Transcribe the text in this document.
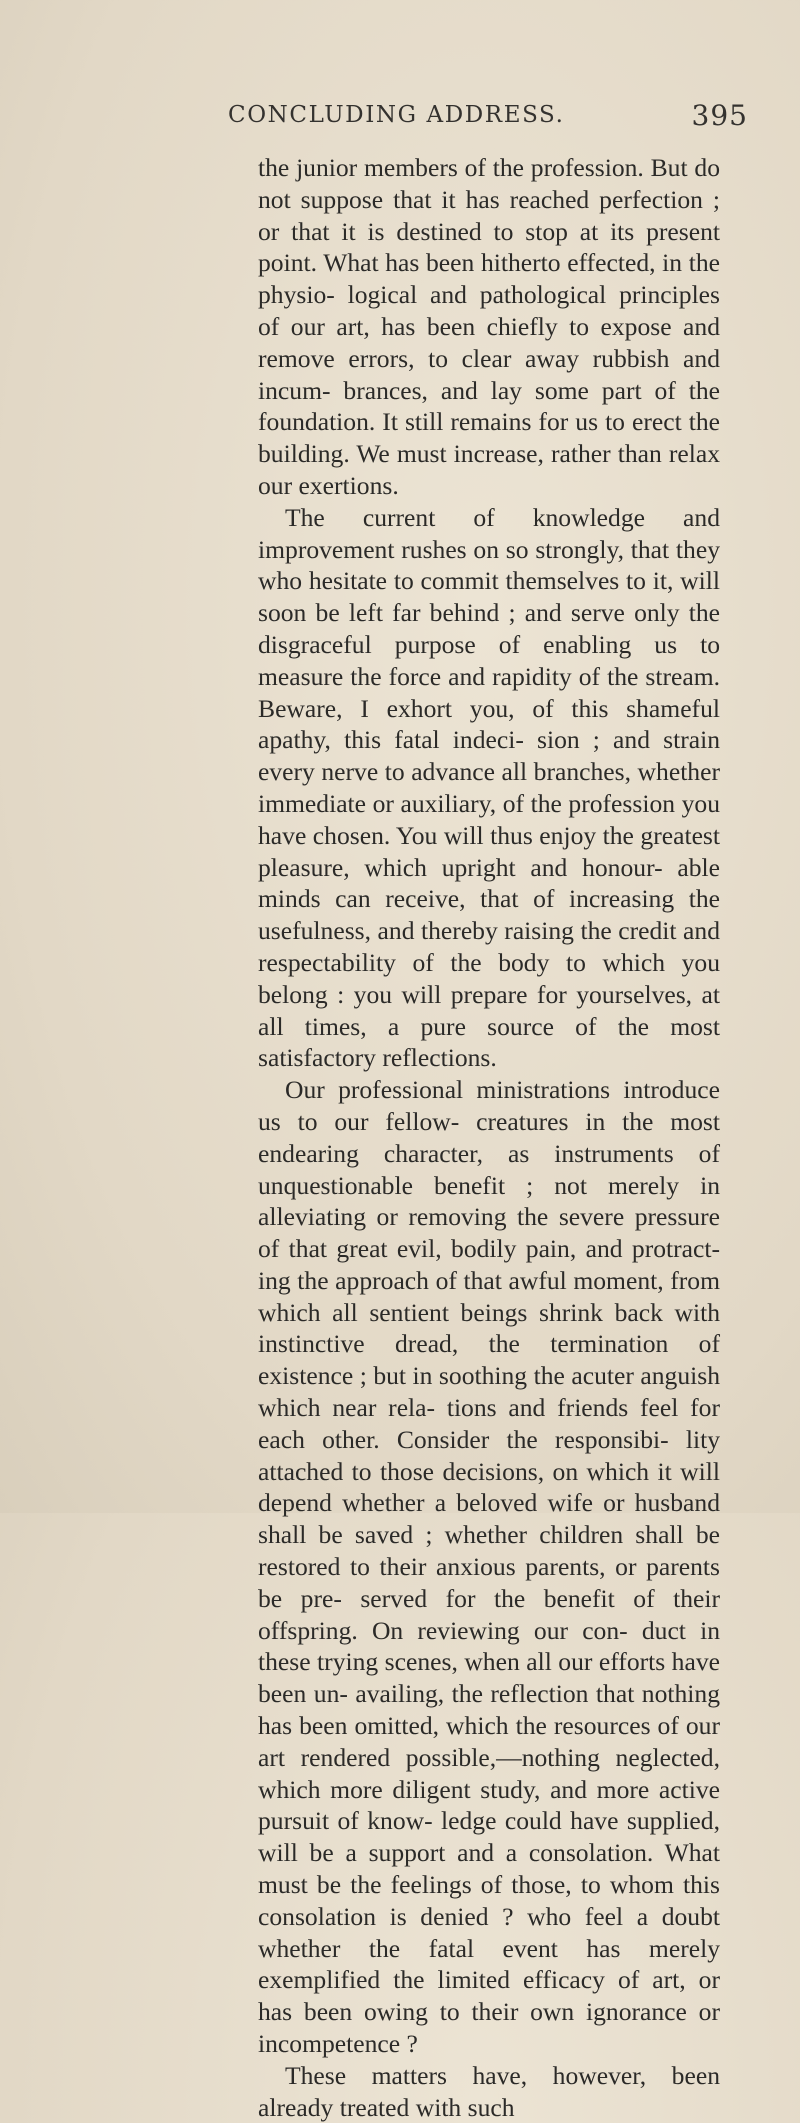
CONCLUDING ADDRESS.	395

the junior members of the profession. But do not suppose that it has reached perfection ; or that it is destined to stop at its present point. What has been hitherto effected, in the physio- logical and pathological principles of our art, has been chiefly to expose and remove errors, to clear away rubbish and incum- brances, and lay some part of the foundation. It still remains for us to erect the building. We must increase, rather than relax our exertions.

The current of knowledge and improvement rushes on so strongly, that they who hesitate to commit themselves to it, will soon be left far behind ; and serve only the disgraceful purpose of enabling us to measure the force and rapidity of the stream. Beware, I exhort you, of this shameful apathy, this fatal indeci- sion ; and strain every nerve to advance all branches, whether immediate or auxiliary, of the profession you have chosen. You will thus enjoy the greatest pleasure, which upright and honour- able minds can receive, that of increasing the usefulness, and thereby raising the credit and respectability of the body to which you belong : you will prepare for yourselves, at all times, a pure source of the most satisfactory reflections.

Our professional ministrations introduce us to our fellow- creatures in the most endearing character, as instruments of unquestionable benefit ; not merely in alleviating or removing the severe pressure of that great evil, bodily pain, and protract- ing the approach of that awful moment, from which all sentient beings shrink back with instinctive dread, the termination of existence ; but in soothing the acuter anguish which near rela- tions and friends feel for each other. Consider the responsibi- lity attached to those decisions, on which it will depend whether a beloved wife or husband shall be saved ; whether children shall be restored to their anxious parents, or parents be pre- served for the benefit of their offspring. On reviewing our con- duct in these trying scenes, when all our efforts have been un- availing, the reflection that nothing has been omitted, which the resources of our art rendered possible,—nothing neglected, which more diligent study, and more active pursuit of know- ledge could have supplied, will be a support and a consolation. What must be the feelings of those, to whom this consolation is denied ? who feel a doubt whether the fatal event has merely exemplified the limited efficacy of art, or has been owing to their own ignorance or incompetence ?

These matters have, however, been already treated with such
